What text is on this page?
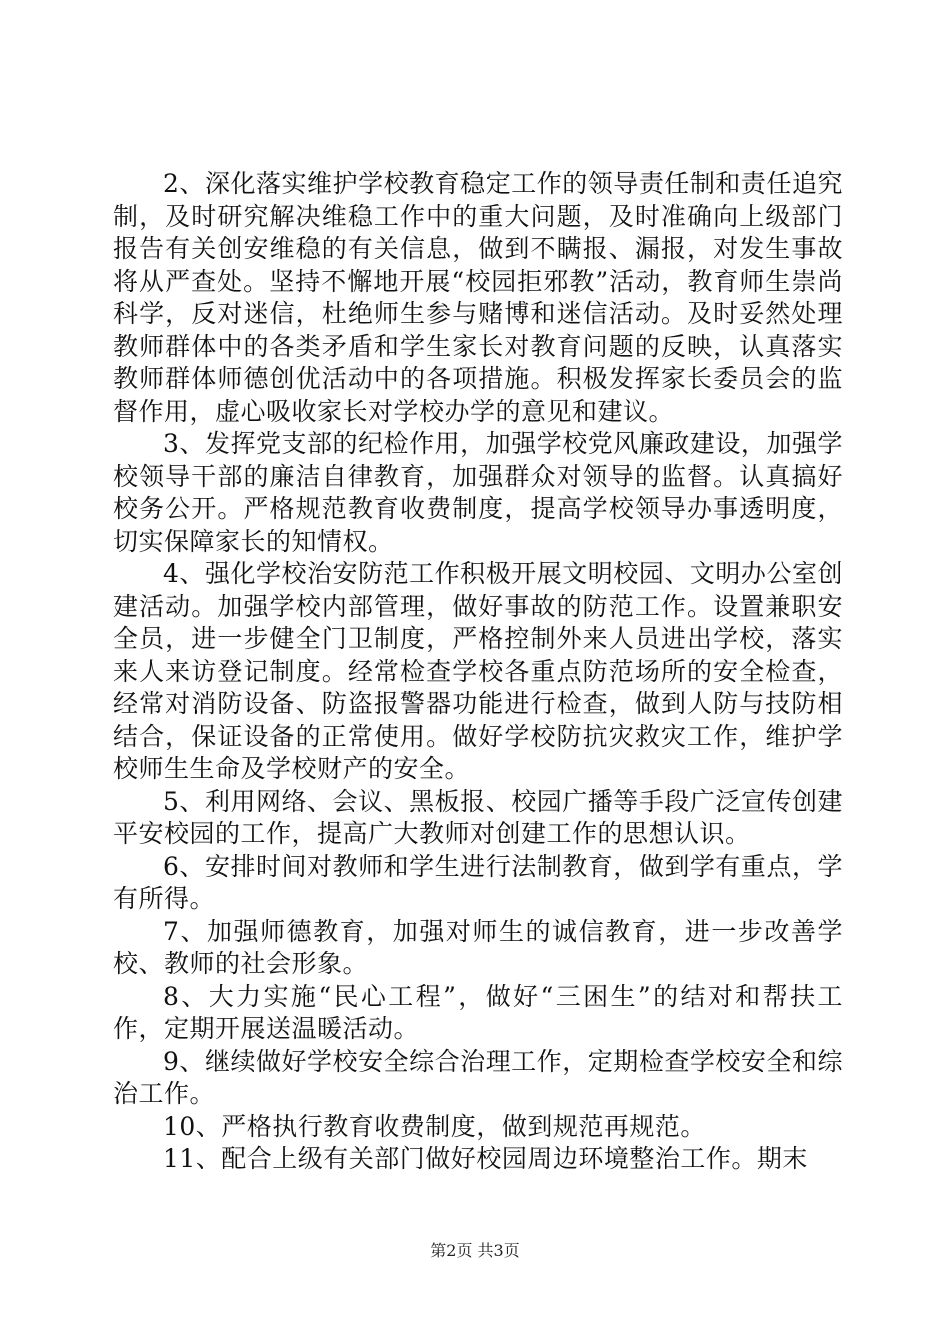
2、深化落实维护学校教育稳定工作的领导责任制和责任追究制，及时研究解决维稳工作中的重大问题，及时准确向上级部门报告有关创安维稳的有关信息，做到不瞒报、漏报，对发生事故将从严查处。坚持不懈地开展“校园拒邪教”活动，教育师生崇尚科学，反对迷信，杜绝师生参与赌博和迷信活动。及时妥然处理教师群体中的各类矛盾和学生家长对教育问题的反映，认真落实教师群体师德创优活动中的各项措施。积极发挥家长委员会的监督作用，虚心吸收家长对学校办学的意见和建议。

3、发挥党支部的纪检作用，加强学校党风廉政建设，加强学校领导干部的廉洁自律教育，加强群众对领导的监督。认真搞好校务公开。严格规范教育收费制度，提高学校领导办事透明度，切实保障家长的知情权。

4、强化学校治安防范工作积极开展文明校园、文明办公室创建活动。加强学校内部管理，做好事故的防范工作。设置兼职安全员，进一步健全门卫制度，严格控制外来人员进出学校，落实来人来访登记制度。经常检查学校各重点防范场所的安全检查，经常对消防设备、防盗报警器功能进行检查，做到人防与技防相结合，保证设备的正常使用。做好学校防抗灾救灾工作，维护学校师生生命及学校财产的安全。

5、利用网络、会议、黑板报、校园广播等手段广泛宣传创建平安校园的工作，提高广大教师对创建工作的思想认识。

6、安排时间对教师和学生进行法制教育，做到学有重点，学有所得。

7、加强师德教育，加强对师生的诚信教育，进一步改善学校、教师的社会形象。

8、大力实施“民心工程”，做好“三困生”的结对和帮扶工作，定期开展送温暖活动。

9、继续做好学校安全综合治理工作，定期检查学校安全和综治工作。

10、严格执行教育收费制度，做到规范再规范。

11、配合上级有关部门做好校园周边环境整治工作。期末

第2页 共3页
